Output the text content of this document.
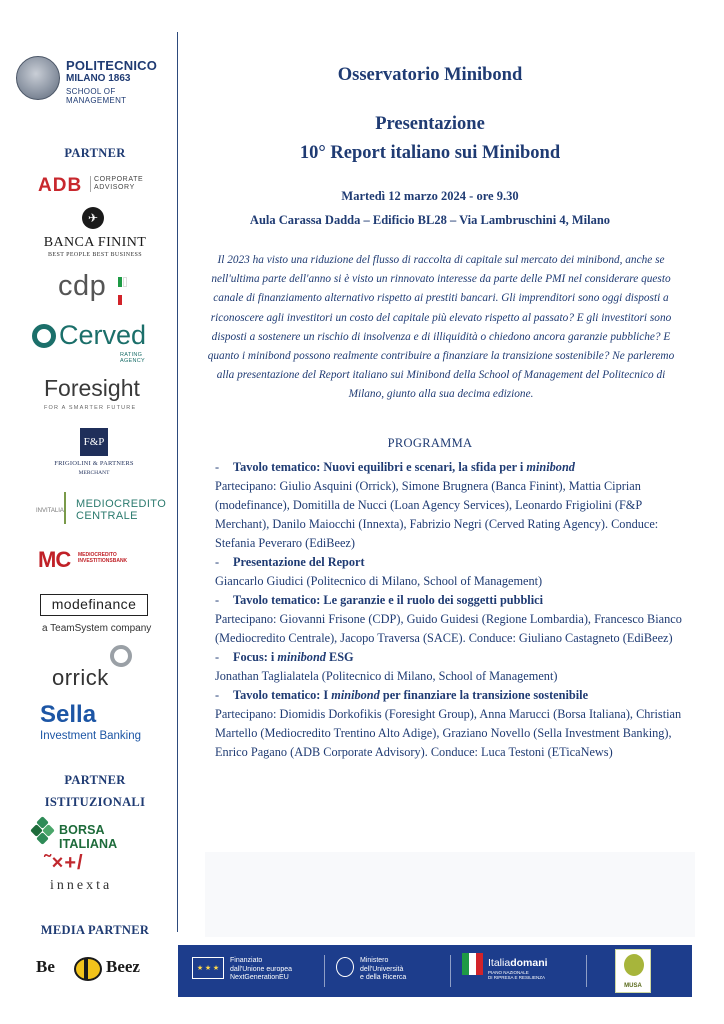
POLITECNICO
MILANO 1863
SCHOOL OF MANAGEMENT
PARTNER
ADB CORPORATE
ADVISORY
✈
BANCA FININT
BEST PEOPLE BEST BUSINESS
cdp
Cerved
RATING AGENCY
Foresight
FOR A SMARTER FUTURE
F&P
FRIGIOLINI & PARTNERS
MERCHANT
INVITALIA
MEDIOCREDITO
CENTRALE
MC MEDIOCREDITO
INVESTITIONSBANK
modefinance
a TeamSystem company
orrick
Sella
Investment Banking
PARTNER
ISTITUZIONALI
BORSA ITALIANA
˜×+/
innexta
MEDIA PARTNER
Be	Beez
Osservatorio Minibond
Presentazione
10° Report italiano sui Minibond
Martedì 12 marzo 2024 - ore 9.30
Aula Carassa Dadda – Edificio BL28 – Via Lambruschini 4, Milano
Il 2023 ha visto una riduzione del flusso di raccolta di capitale sul mercato dei minibond, anche se nell'ultima parte dell'anno si è visto un rinnovato interesse da parte delle PMI nel considerare questo canale di finanziamento alternativo rispetto ai prestiti bancari. Gli imprenditori sono oggi disposti a riconoscere agli investitori un costo del capitale più elevato rispetto al passato? E gli investitori sono disposti a sostenere un rischio di insolvenza e di illiquidità o chiedono ancora garanzie pubbliche? E quanto i minibond possono realmente contribuire a finanziare la transizione sostenibile? Ne parleremo alla presentazione del Report italiano sui Minibond della School of Management del Politecnico di Milano, giunto alla sua decima edizione.
PROGRAMMA

- Tavolo tematico: Nuovi equilibri e scenari, la sfida per i minibond

Partecipano: Giulio Asquini (Orrick), Simone Brugnera (Banca Finint), Mattia Ciprian (modefinance), Domitilla de Nucci (Loan Agency Services), Leonardo Frigiolini (F&P Merchant), Danilo Maiocchi (Innexta), Fabrizio Negri (Cerved Rating Agency). Conduce: Stefania Peveraro (EdiBeez)

- Presentazione del Report

Giancarlo Giudici (Politecnico di Milano, School of Management)

- Tavolo tematico: Le garanzie e il ruolo dei soggetti pubblici

Partecipano: Giovanni Frisone (CDP), Guido Guidesi (Regione Lombardia), Francesco Bianco (Mediocredito Centrale), Jacopo Traversa (SACE). Conduce: Giuliano Castagneto (EdiBeez)

- Focus: i minibond ESG

Jonathan Taglialatela (Politecnico di Milano, School of Management)

- Tavolo tematico: I minibond per finanziare la transizione sostenibile

Partecipano: Diomidis Dorkofikis (Foresight Group), Anna Marucci (Borsa Italiana), Christian Martello (Mediocredito Trentino Alto Adige), Graziano Novello (Sella Investment Banking), Enrico Pagano (ADB Corporate Advisory). Conduce: Luca Testoni (ETicaNews)

★ ★ ★
Finanziato
dall'Unione europea
NextGenerationEU
Ministero
dell'Università
e della Ricerca
Italiadomani
PIANO NAZIONALE
DI RIPRESA E RESILIENZA
MUSA
